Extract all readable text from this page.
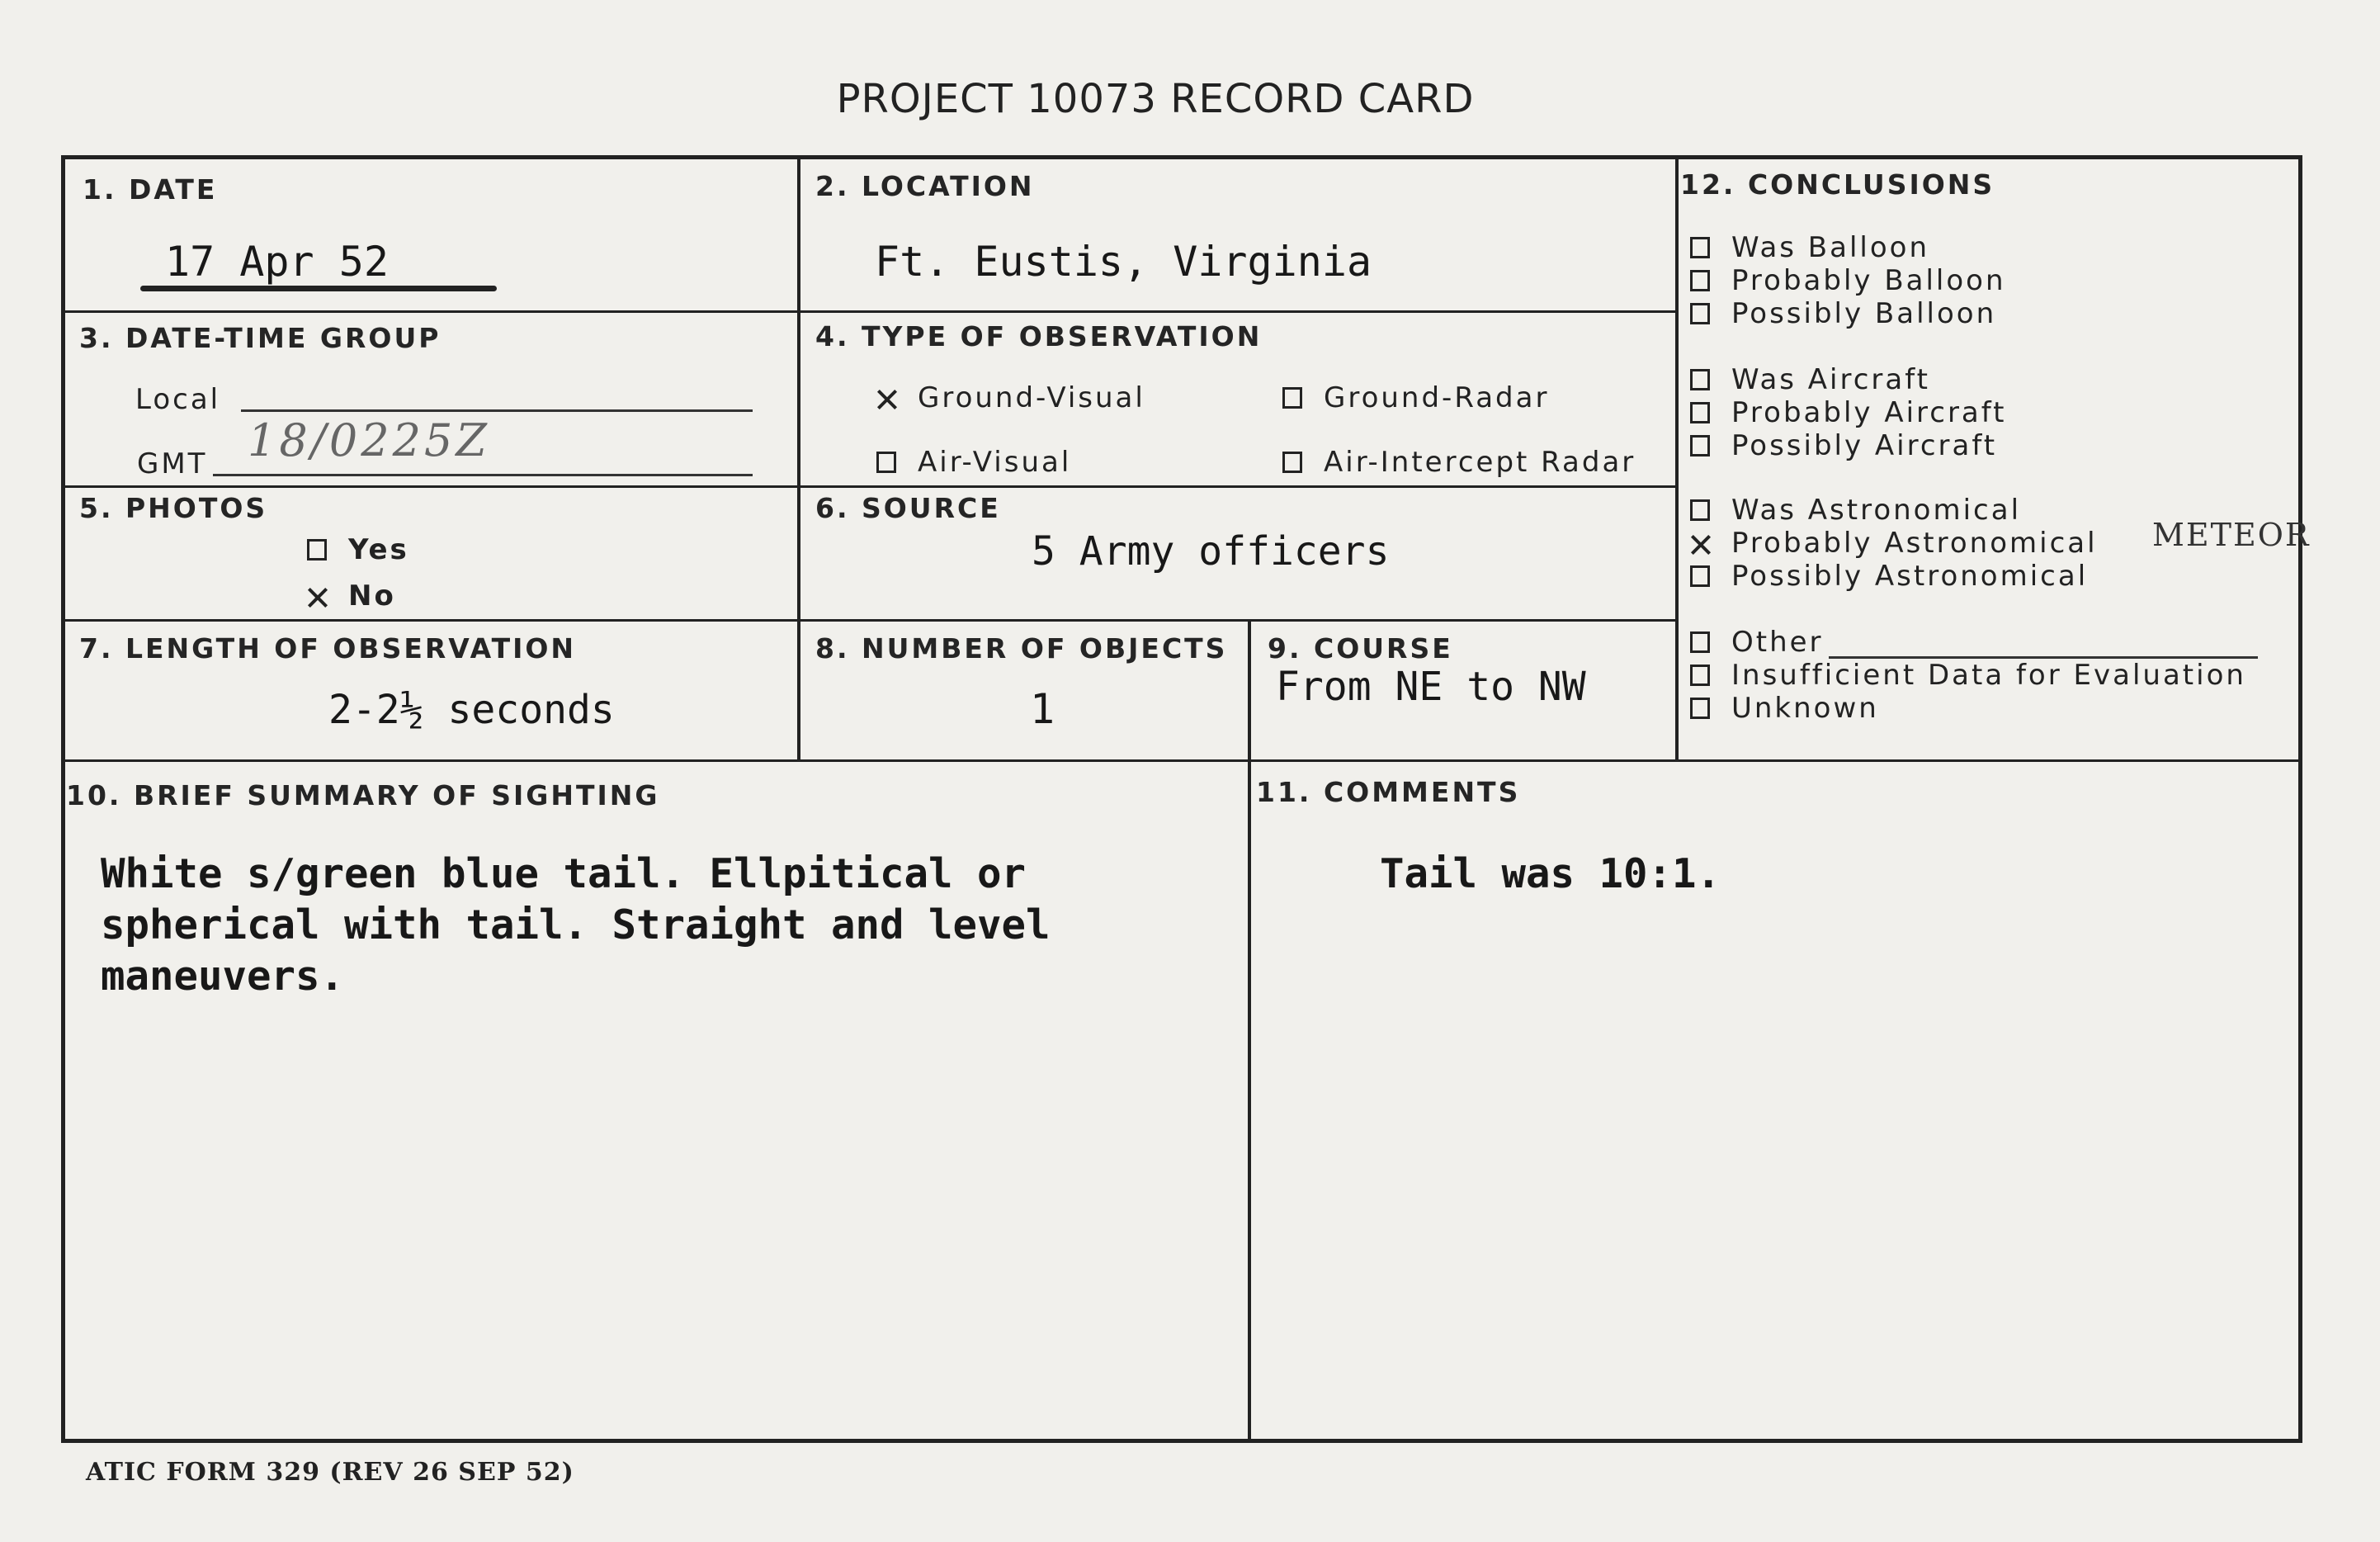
PROJECT 10073 RECORD CARD
1. DATE
17 Apr 52
2. LOCATION
Ft. Eustis, Virginia
3. DATE-TIME GROUP
Local
GMT 18/0225Z
4. TYPE OF OBSERVATION
Ground-Visual	Ground-Radar
Air-Visual	Air-Intercept Radar
5. PHOTOS
Yes
No
6. SOURCE
5 Army officers
7. LENGTH OF OBSERVATION
2-2½ seconds
8. NUMBER OF OBJECTS
1
9. COURSE
From NE to NW
10. BRIEF SUMMARY OF SIGHTING
White s/green blue tail. Ellpitical or
spherical with tail. Straight and level
maneuvers.
11. COMMENTS
Tail was 10:1.
12. CONCLUSIONS
Was Balloon
Probably Balloon
Possibly Balloon
Was Aircraft
Probably Aircraft
Possibly Aircraft
Was Astronomical
Probably Astronomical
Possibly Astronomical
METEOR
Other
Insufficient Data for Evaluation
Unknown
ATIC FORM 329 (REV 26 SEP 52)
